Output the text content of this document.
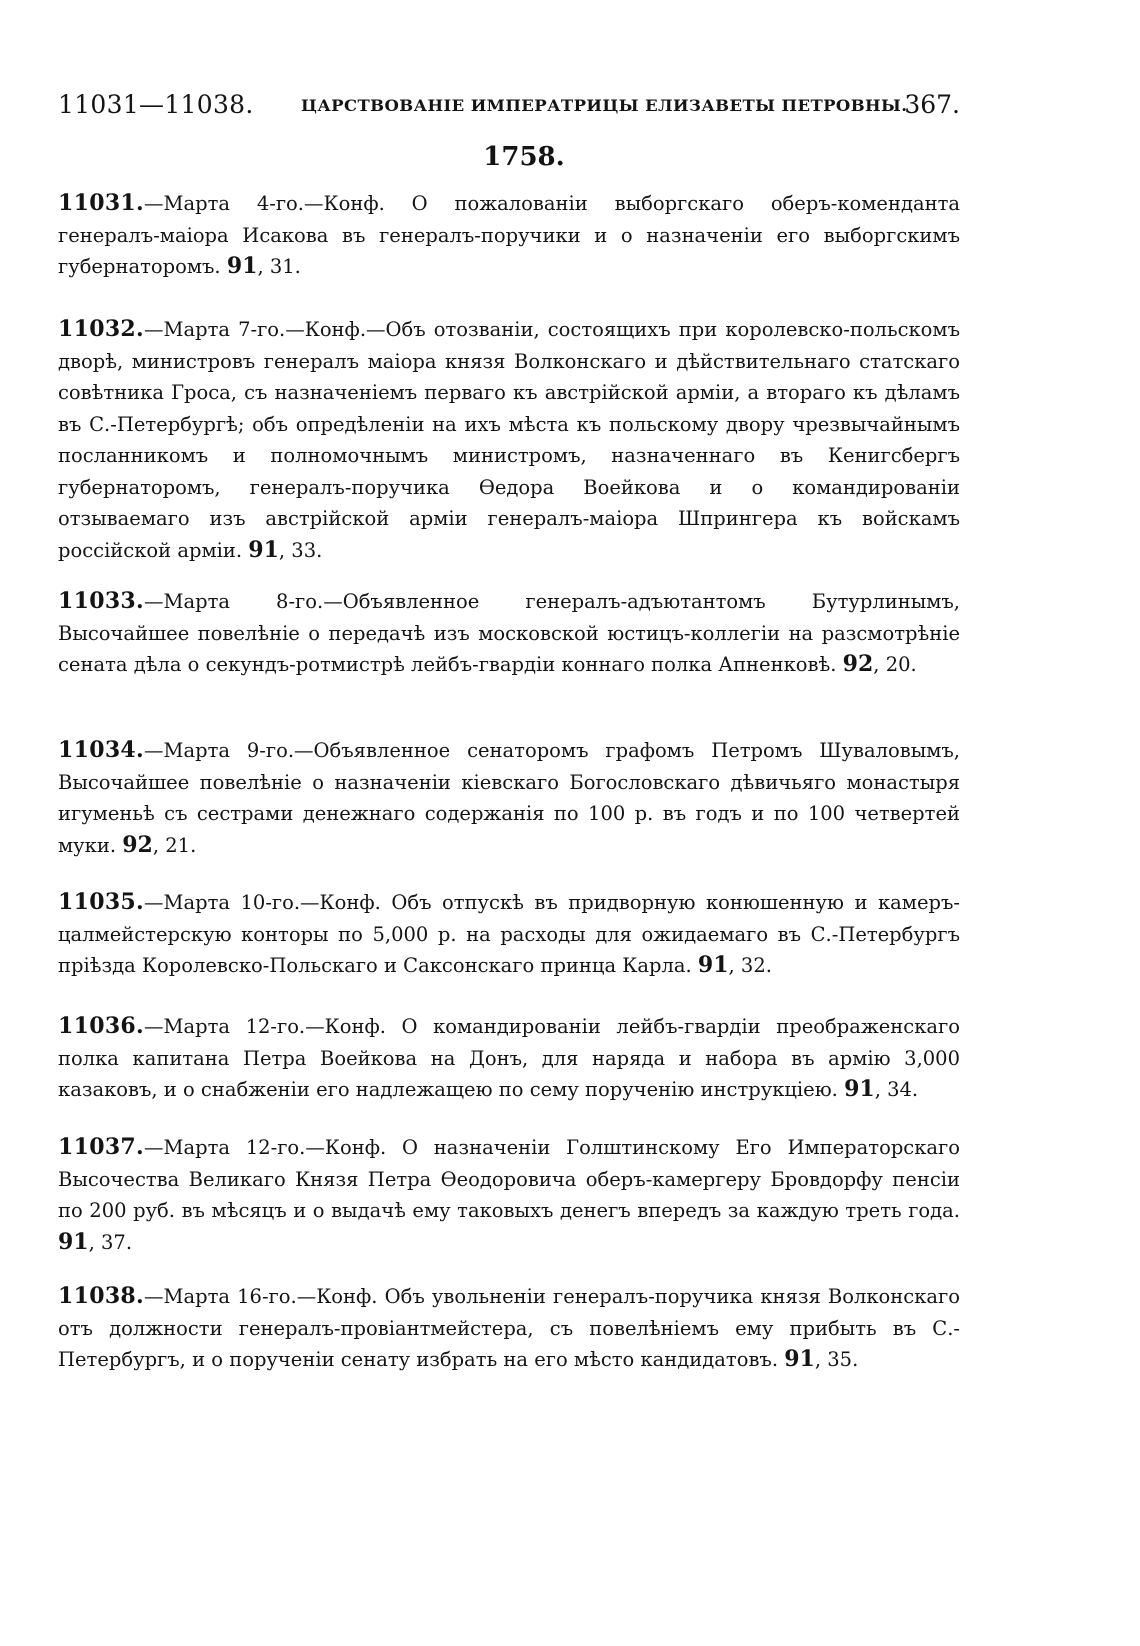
11031—11038.	ЦАРСТВОВАНІЕ ИМПЕРАТРИЦЫ ЕЛИЗАВЕТЫ ПЕТРОВНЫ.
367.
1758.
11031.—Марта 4-го.—Конф. О пожалованіи выборгскаго оберъ-коменданта генералъ-маіора Исакова въ генералъ-поручики и о назначеніи его выборгскимъ губернаторомъ. 91, 31.
11032.—Марта 7-го.—Конф.—Объ отозваніи, состоящихъ при королевско-польскомъ дворѣ, министровъ генералъ маіора князя Волконскаго и дѣйствительнаго статскаго совѣтника Гроса, съ назначеніемъ перваго къ австрійской арміи, а втораго къ дѣламъ въ С.-Петербургѣ; объ опредѣленіи на ихъ мѣста къ польскому двору чрезвычайнымъ посланникомъ и полномочнымъ министромъ, назначеннаго въ Кенигсбергъ губернаторомъ, генералъ-поручика Ѳедора Воейкова и о командированіи отзываемаго изъ австрійской арміи генералъ-маіора Шпрингера къ войскамъ россійской арміи. 91, 33.
11033.—Марта 8-го.—Объявленное генералъ-адъютантомъ Бутурлинымъ, Высочайшее повелѣніе о передачѣ изъ московской юстицъ-коллегіи на разсмотрѣніе сената дѣла о секундъ-ротмистрѣ лейбъ-гвардіи коннаго полка Апненковѣ. 92, 20.
11034.—Марта 9-го.—Объявленное сенаторомъ графомъ Петромъ Шуваловымъ, Высочайшее повелѣніе о назначеніи кіевскаго Богословскаго дѣвичьяго монастыря игуменьѣ съ сестрами денежнаго содержанія по 100 р. въ годъ и по 100 четвертей муки. 92, 21.
11035.—Марта 10-го.—Конф. Объ отпускѣ въ придворную конюшенную и камеръ-цалмейстерскую конторы по 5,000 р. на расходы для ожидаемаго въ С.-Петербургъ пріѣзда Королевско-Польскаго и Саксонскаго принца Карла. 91, 32.
11036.—Марта 12-го.—Конф. О командированіи лейбъ-гвардіи преображенскаго полка капитана Петра Воейкова на Донъ, для наряда и набора въ армію 3,000 казаковъ, и о снабженіи его надлежащею по сему порученію инструкціею. 91, 34.
11037.—Марта 12-го.—Конф. О назначеніи Голштинскому Его Императорскаго Высочества Великаго Князя Петра Ѳеодоровича оберъ-камергеру Бровдорфу пенсіи по 200 руб. въ мѣсяцъ и о выдачѣ ему таковыхъ денегъ впередъ за каждую треть года. 91, 37.
11038.—Марта 16-го.—Конф. Объ увольненіи генералъ-поручика князя Волконскаго отъ должности генералъ-провіантмейстера, съ повелѣніемъ ему прибыть въ С.-Петербургъ, и о порученіи сенату избрать на его мѣсто кандидатовъ. 91, 35.
